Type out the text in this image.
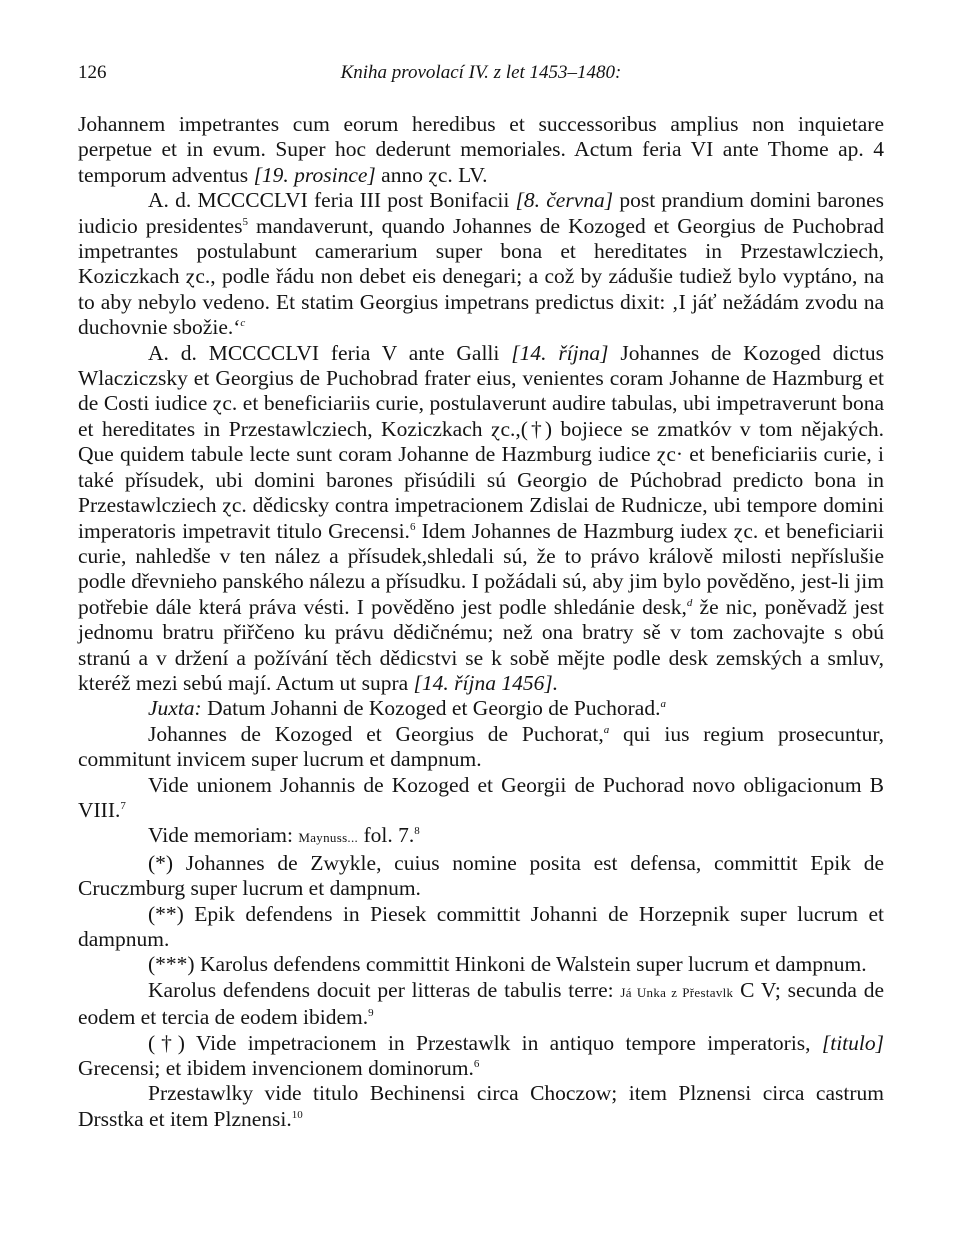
126	Kniha provolací IV. z let 1453–1480:

Johannem impetrantes cum eorum heredibus et successoribus amplius non inquietare perpetue et in evum. Super hoc dederunt memoriales. Actum feria VI ante Thome ap. 4 temporum adventus [19. prosince] anno ɀc. LV.

A. d. MCCCCLVI feria III post Bonifacii [8. června] post prandium domini barones iudicio presidentes$^5$ mandaverunt, quando Johannes de Kozoged et Georgius de Puchobrad impetrantes postulabunt camerarium super bona et hereditates in Przestawlcziech, Koziczkach ɀc., podle řádu non debet eis denegari; a což by zádušie tudiež bylo vyptáno, na to aby nebylo vedeno. Et statim Georgius impetrans predictus dixit: ‚I jáť nežádám zvodu na duchovnie sbožie.‘$^c$

A. d. MCCCCLVI feria V ante Galli [14. října] Johannes de Kozoged dictus Wlacziczsky et Georgius de Puchobrad frater eius, venientes coram Johanne de Hazmburg et de Costi iudice ɀc. et beneficiariis curie, postulaverunt audire tabulas, ubi impetraverunt bona et hereditates in Przestawlcziech, Koziczkach ɀc.,(†) bojiece se zmatkóv v tom nějakých. Que quidem tabule lecte sunt coram Johanne de Hazmburg iudice ɀc· et beneficiariis curie, i také přísudek, ubi domini barones přisúdili sú Georgio de Púchobrad predicto bona in Przestawlcziech ɀc. dědicsky contra impetracionem Zdislai de Rudnicze, ubi tempore domini imperatoris impetravit titulo Grecensi.$^6$ Idem Johannes de Hazmburg iudex ɀc. et beneficiarii curie, nahledše v ten nález a přísudek,shledali sú, že to právo králově milosti nepříslušie podle dřevnieho panského nálezu a přísudku. I požádali sú, aby jim bylo pověděno, jest-li jim potřebie dále která práva vésti. I pověděno jest podle shledánie desk,$^d$ že nic, poněvadž jest jednomu bratru přiřčeno ku právu dědičnému; než ona bratry sě v tom zachovajte s obú stranú a v držení a požívání těch dědicstvi se k sobě mějte podle desk zemských a smluv, kteréž mezi sebú mají. Actum ut supra [14. října 1456].

Juxta: Datum Johanni de Kozoged et Georgio de Puchorad.$^a$

Johannes de Kozoged et Georgius de Puchorat,$^a$ qui ius regium prosecuntur, commitunt invicem super lucrum et dampnum.

Vide unionem Johannis de Kozoged et Georgii de Puchorad novo obligacionum B VIII.$^7$

Vide memoriam: Maynuss... fol. 7.$^8$

(*) Johannes de Zwykle, cuius nomine posita est defensa, committit Epik de Cruczmburg super lucrum et dampnum.

(**) Epik defendens in Piesek committit Johanni de Horzepnik super lucrum et dampnum.

(***) Karolus defendens committit Hinkoni de Walstein super lucrum et dampnum.

Karolus defendens docuit per litteras de tabulis terre: Já Unka z Přestavlk C V; secunda de eodem et tercia de eodem ibidem.$^9$

(†) Vide impetracionem in Przestawlk in antiquo tempore imperatoris, [titulo] Grecensi; et ibidem invencionem dominorum.$^6$

Przestawlky vide titulo Bechinensi circa Choczow; item Plznensi circa castrum Drsstka et item Plznensi.$^{10}$
